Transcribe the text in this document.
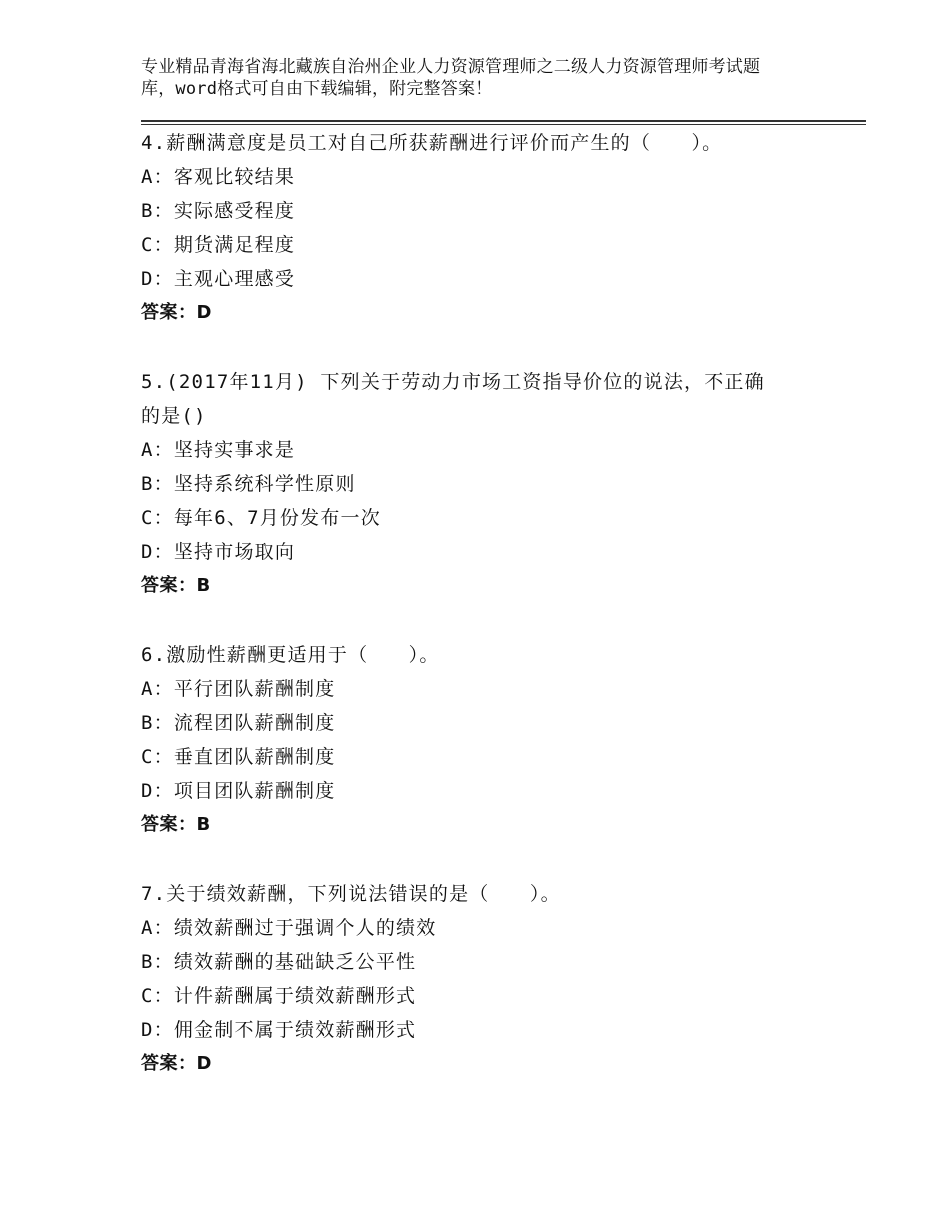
专业精品青海省海北藏族自治州企业人力资源管理师之二级人力资源管理师考试题

库，word格式可自由下载编辑，附完整答案！

4.薪酬满意度是员工对自己所获薪酬进行评价而产生的（　　）。
A：客观比较结果
B：实际感受程度
C：期货满足程度
D：主观心理感受
答案：D
5.(2017年11月) 下列关于劳动力市场工资指导价位的说法，不正确
的是()
A：坚持实事求是
B：坚持系统科学性原则
C：每年6、7月份发布一次
D：坚持市场取向
答案：B
6.激励性薪酬更适用于（　　）。
A：平行团队薪酬制度
B：流程团队薪酬制度
C：垂直团队薪酬制度
D：项目团队薪酬制度
答案：B
7.关于绩效薪酬，下列说法错误的是（　　）。
A：绩效薪酬过于强调个人的绩效
B：绩效薪酬的基础缺乏公平性
C：计件薪酬属于绩效薪酬形式
D：佣金制不属于绩效薪酬形式
答案：D
